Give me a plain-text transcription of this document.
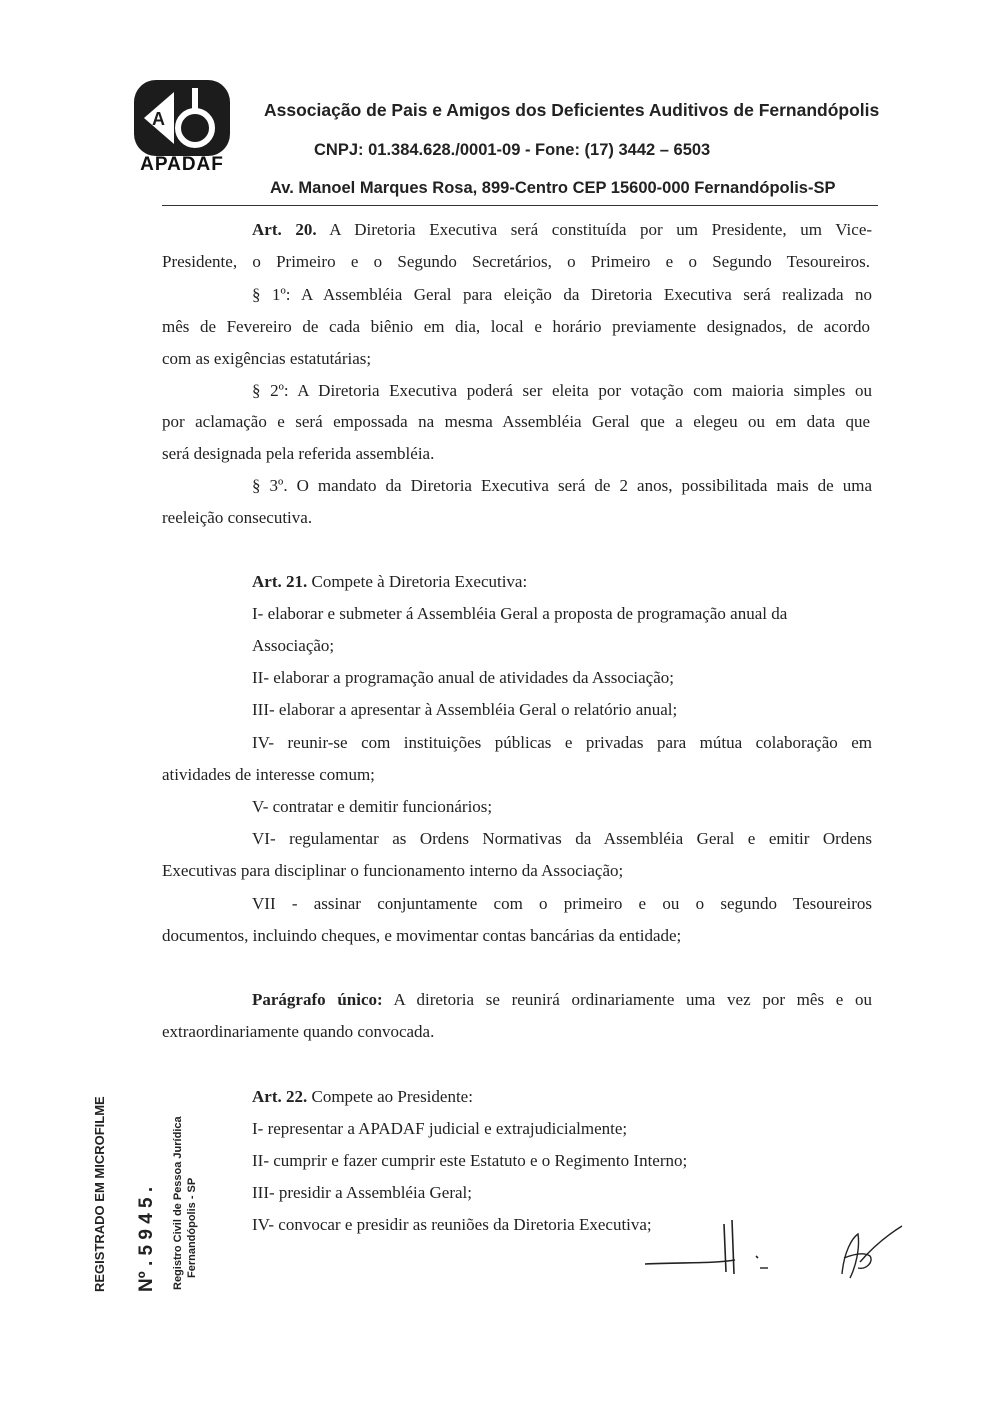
A
APADAF
Associação de Pais e Amigos dos Deficientes Auditivos de Fernandópolis
CNPJ: 01.384.628./0001-09 - Fone: (17) 3442 – 6503
Av. Manoel Marques Rosa, 899-Centro CEP 15600-000 Fernandópolis-SP
Art. 20. A Diretoria Executiva será constituída por um Presidente, um Vice-
Presidente, o Primeiro e o Segundo Secretários, o Primeiro e o Segundo Tesoureiros.
§ 1º: A Assembléia Geral para eleição da Diretoria Executiva será realizada no
mês de Fevereiro de cada biênio em dia, local e horário previamente designados, de acordo
com as exigências estatutárias;
§ 2º: A Diretoria Executiva poderá ser eleita por votação com maioria simples ou
por aclamação e será empossada na mesma Assembléia Geral que a elegeu ou em data que
será designada pela referida assembléia.
§ 3º. O mandato da Diretoria Executiva será de 2 anos, possibilitada mais de uma
reeleição consecutiva.
Art. 21. Compete à Diretoria Executiva:
I- elaborar e submeter á Assembléia Geral a proposta de programação anual da
Associação;
II- elaborar a programação anual de atividades da Associação;
III- elaborar a apresentar à Assembléia Geral o relatório anual;
IV- reunir-se com instituições públicas e privadas para mútua colaboração em
atividades de interesse comum;
V- contratar e demitir funcionários;
VI- regulamentar as Ordens Normativas da Assembléia Geral e emitir Ordens
Executivas para disciplinar o funcionamento interno da Associação;
VII - assinar conjuntamente com o primeiro e ou o segundo Tesoureiros
documentos, incluindo cheques, e movimentar contas bancárias da entidade;
Parágrafo único: A diretoria se reunirá ordinariamente uma vez por mês e ou
extraordinariamente quando convocada.
Art. 22. Compete ao Presidente:
I- representar a APADAF judicial e extrajudicialmente;
II- cumprir e fazer cumprir este Estatuto e o Regimento Interno;
III- presidir a Assembléia Geral;
IV- convocar e presidir as reuniões da Diretoria Executiva;
REGISTRADO EM MICROFILME Nº . 5 9 4 5 . Registro Civil de Pessoa Jurídica Fernandópolis - SP
